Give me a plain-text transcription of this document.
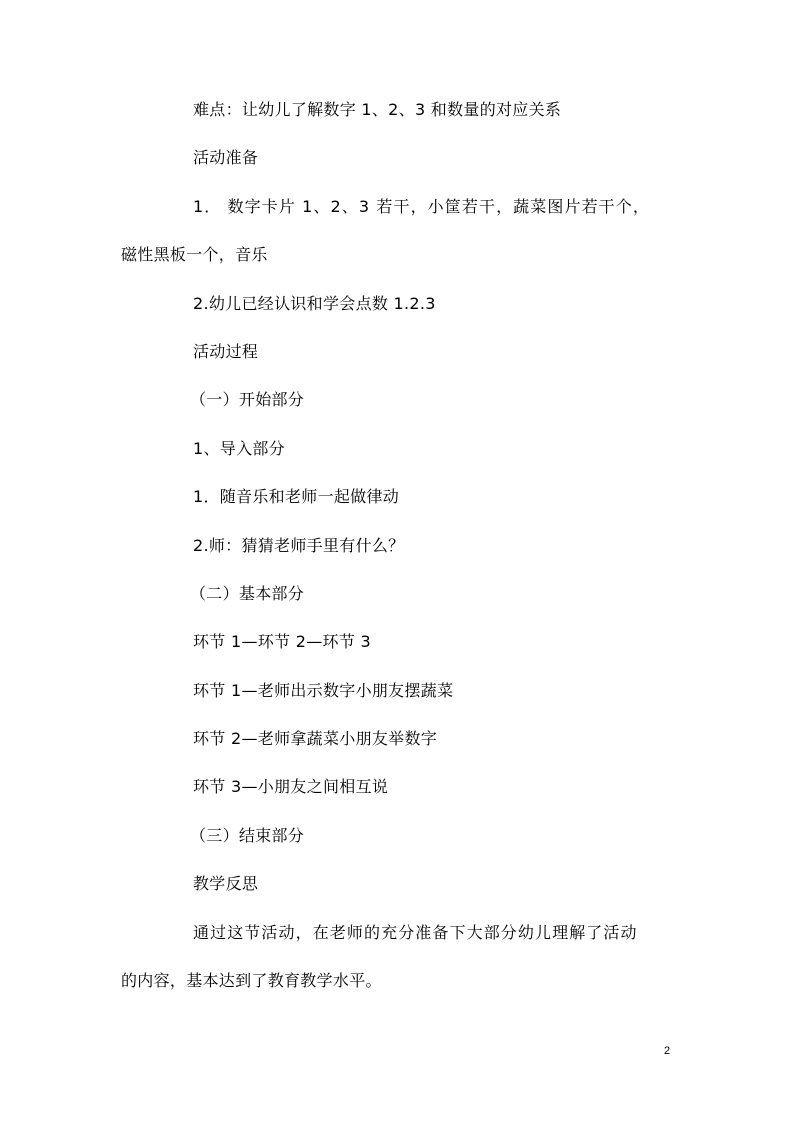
难点：让幼儿了解数字 1、2、3 和数量的对应关系
活动准备
1． 数字卡片 1、2、3 若干，小筐若干，蔬菜图片若干个，
磁性黑板一个，音乐
2.幼儿已经认识和学会点数 1.2.3
活动过程
（一）开始部分
1、导入部分
1．随音乐和老师一起做律动
2.师：猜猜老师手里有什么？
（二）基本部分
环节 1—环节 2—环节 3
环节 1—老师出示数字小朋友摆蔬菜
环节 2—老师拿蔬菜小朋友举数字
环节 3—小朋友之间相互说
（三）结束部分
教学反思
通过这节活动，在老师的充分准备下大部分幼儿理解了活动
的内容，基本达到了教育教学水平。
2
